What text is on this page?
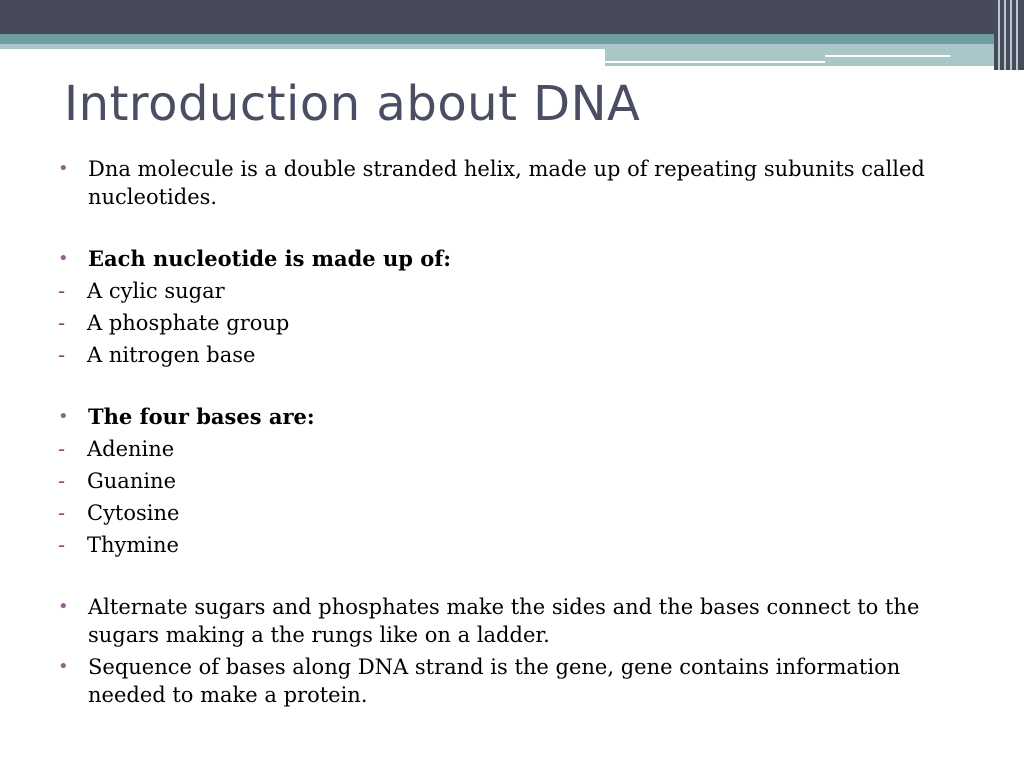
Introduction about DNA
• Dna molecule is a double stranded helix, made up of repeating subunits called nucleotides.
• Each nucleotide is made up of:
- A cylic sugar
- A phosphate group
- A nitrogen base
• The four bases are:
- Adenine
- Guanine
- Cytosine
- Thymine
• Alternate sugars and phosphates make the sides and the bases connect to the sugars making a the rungs like on a ladder.
• Sequence of bases along DNA strand is the gene, gene contains information needed to make a protein.
